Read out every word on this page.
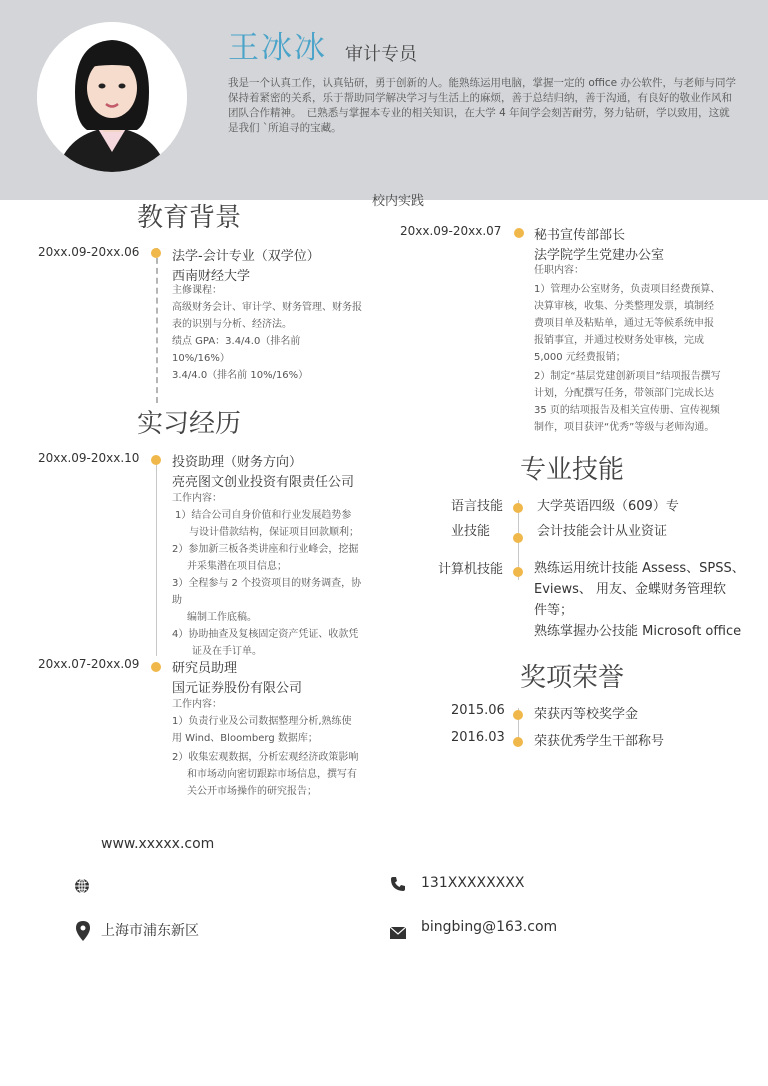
王冰冰 审计专员
我是一个认真工作，认真钻研，勇于创新的人。能熟练运用电脑，掌握一定的 office 办公软件，与老师与同学保持着紧密的关系，乐于帮助同学解决学习与生活上的麻烦，善于总结归纳，善于沟通，有良好的敬业作风和团队合作精神。　已熟悉与掌握本专业的相关知识，在大学 4 年间学会刻苦耐劳，努力钻研，学以致用，这就是我们 `所追寻的宝藏。
教育背景
20xx.09-20xx.06	法学-会计专业（双学位）
西南财经大学
主修课程：
高级财务会计、审计学、财务管理、财务报
表的识别与分析、经济法。
绩点 GPA：3.4/4.0（排名前
10%/16%）
3.4/4.0（排名前 10%/16%）
校内实践
20xx.09-20xx.07	秘书宣传部部长
法学院学生党建办公室
任职内容：
1）管理办公室财务，负责项目经费预算、
决算审核，收集、分类整理发票，填制经
费项目单及粘贴单，通过无等候系统申报
报销事宜，并通过校财务处审核，完成
5,000 元经费报销；
2）制定“基层党建创新项目”结项报告撰写
计划，分配撰写任务，带领部门完成长达
35 页的结项报告及相关宣传册、宣传视频
制作，项目获评“优秀”等级与老师沟通。
实习经历
20xx.09-20xx.10	投资助理（财务方向）
亮亮图文创业投资有限责任公司
工作内容：
1）结合公司自身价值和行业发展趋势参
与设计借款结构，保证项目回款顺利；
2）参加新三板各类讲座和行业峰会，挖掘
并采集潜在项目信息；
3）全程参与 2 个投资项目的财务调查，协
助
编制工作底稿。
4）协助抽查及复核固定资产凭证、收款凭
证及在手订单。
20xx.07-20xx.09	研究员助理
国元证券股份有限公司
工作内容：
1）负责行业及公司数据整理分析,熟练使
用 Wind、Bloomberg 数据库；
2）收集宏观数据，分析宏观经济政策影响
和市场动向密切跟踪市场信息，撰写有
关公开市场操作的研究报告；
专业技能
语言技能	大学英语四级（609）专
业技能	会计技能会计从业资证
计算机技能 熟练运用统计技能 Assess、SPSS、
Eviews、 用友、金蝶财务管理软
件等；
熟练掌握办公技能 Microsoft office
奖项荣誉
2015.06 荣获丙等校奖学金
2016.03 荣获优秀学生干部称号
www.xxxxx.com
131XXXXXXXX
上海市浦东新区	bingbing@163.com
